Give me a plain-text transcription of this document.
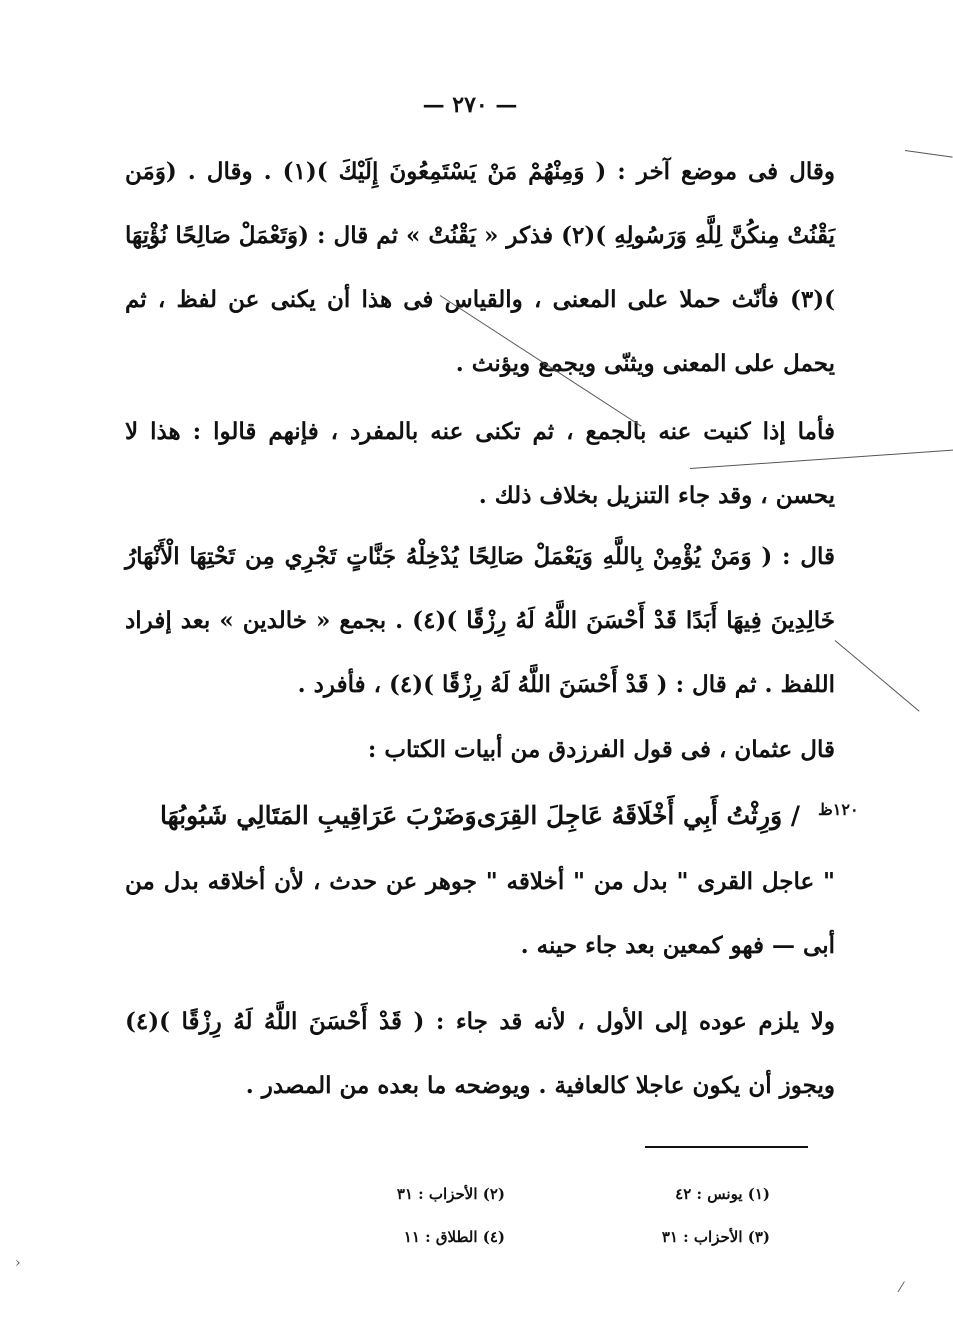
— ٢٧٠ —
وقال فى موضع آخر : ( وَمِنْهُمْ مَنْ يَسْتَمِعُونَ إِلَيْكَ )(١) . وقال . (وَمَن يَقْنُتْ مِنكُنَّ لِلَّهِ وَرَسُولِهِ )(٢) فذكر « يَقْنُتْ » ثم قال : (وَتَعْمَلْ صَالِحًا نُؤْتِهَا )(٣) فأنّث حملا على المعنى ، والقياس فى هذا أن يكنى عن لفظ ، ثم يحمل على المعنى ويثنّى ويجمع ويؤنث .
فأما إذا كنيت عنه بالجمع ، ثم تكنى عنه بالمفرد ، فإنهم قالوا : هذا لا يحسن ، وقد جاء التنزيل بخلاف ذلك .
قال : ( وَمَنْ يُؤْمِنْ بِاللَّهِ وَيَعْمَلْ صَالِحًا يُدْخِلْهُ جَنَّاتٍ تَجْرِي مِن تَحْتِهَا الْأَنْهَارُ خَالِدِينَ فِيهَا أَبَدًا قَدْ أَحْسَنَ اللَّهُ لَهُ رِزْقًا )(٤) . بجمع « خالدين » بعد إفراد اللفظ . ثم قال : ( قَدْ أَحْسَنَ اللَّهُ لَهُ رِزْقًا )(٤) ، فأفرد .
قال عثمان ، فى قول الفرزدق من أبيات الكتاب :
١٢٠ظ
/ وَرِثْتُ أَبِي أَخْلَاقَهُ عَاجِلَ القِرَى
وَضَرْبَ عَرَاقِيبِ المَتَالِي شَبُوبُهَا
" عاجل القرى " بدل من " أخلاقه " جوهر عن حدث ، لأن أخلاقه بدل من أبى — فهو كمعين بعد جاء حينه .
ولا يلزم عوده إلى الأول ، لأنه قد جاء : ( قَدْ أَحْسَنَ اللَّهُ لَهُ رِزْقًا )(٤) ويجوز أن يكون عاجلا كالعافية . ويوضحه ما بعده من المصدر .
(١) يونس : ٤٢
(٢) الأحزاب : ٣١
(٣) الأحزاب : ٣١
(٤) الطلاق : ١١
⁄
›
